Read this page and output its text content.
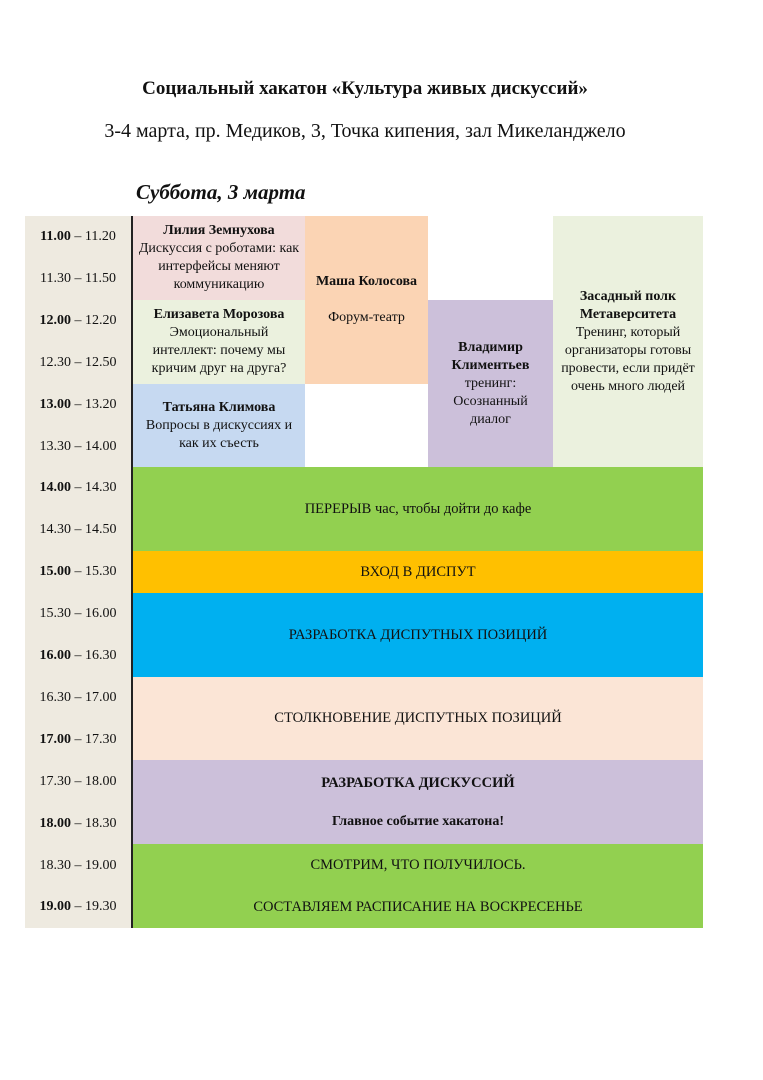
Социальный хакатон «Культура живых дискуссий»
3-4 марта, пр. Медиков, 3, Точка кипения, зал Микеланджело
Суббота, 3 марта
11.00 – 11.20
11.30 – 11.50
12.00 – 12.20
12.30 – 12.50
13.00 – 13.20
13.30 – 14.00
14.00 – 14.30
14.30 – 14.50
15.00 – 15.30
15.30 – 16.00
16.00 – 16.30
16.30 – 17.00
17.00 – 17.30
17.30 – 18.00
18.00 – 18.30
18.30 – 19.00
19.00 – 19.30
Лилия Земнухова
Дискуссия с роботами: как интерфейсы меняют коммуникацию
Елизавета Морозова
Эмоциональный интеллект: почему мы кричим друг на друга?
Татьяна Климова
Вопросы в дискуссиях и как их съесть
Маша Колосова
Форум-театр
Владимир Климентьев
тренинг: Осознанный диалог
Засадный полк Метаверситета
Тренинг, который организаторы готовы провести, если придёт очень много людей
ПЕРЕРЫВ час, чтобы дойти до кафе
ВХОД В ДИСПУТ
РАЗРАБОТКА ДИСПУТНЫХ ПОЗИЦИЙ
СТОЛКНОВЕНИЕ ДИСПУТНЫХ ПОЗИЦИЙ
РАЗРАБОТКА ДИСКУССИЙ
Главное событие хакатона!
СМОТРИМ, ЧТО ПОЛУЧИЛОСЬ.
СОСТАВЛЯЕМ РАСПИСАНИЕ НА ВОСКРЕСЕНЬЕ
